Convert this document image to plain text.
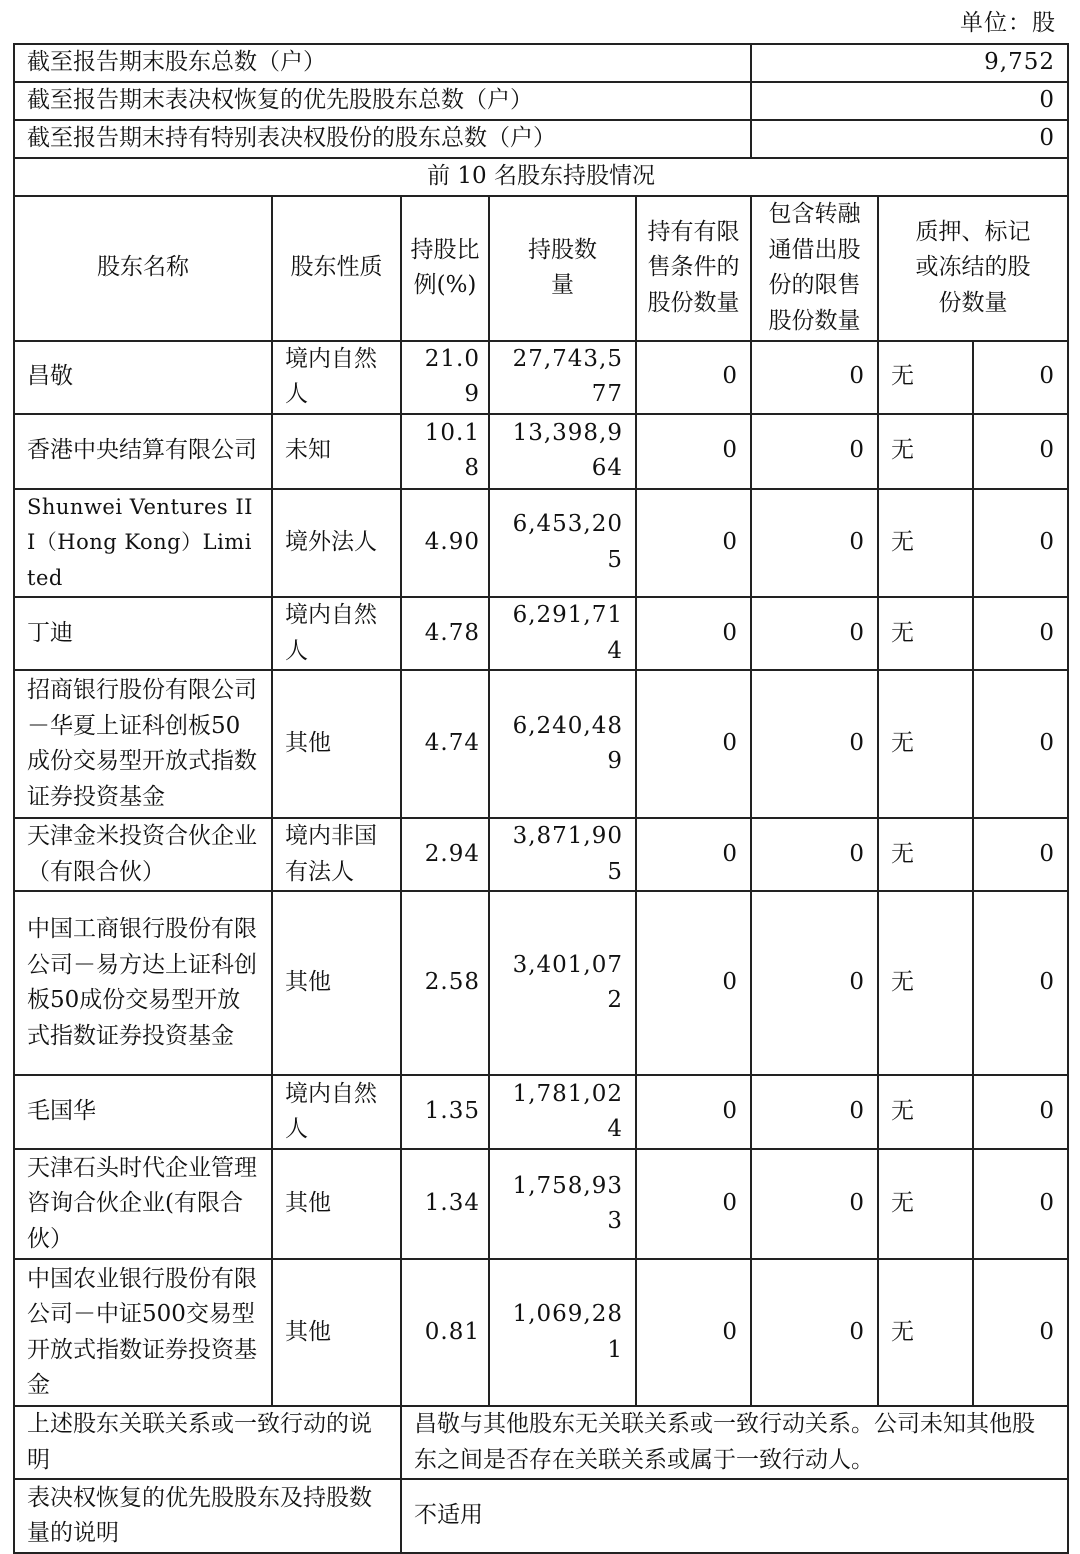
单位：股
截至报告期末股东总数（户）					9,752		
截至报告期末表决权恢复的优先股股东总数（户）					0		
截至报告期末持有特别表决权股份的股东总数（户）					0		
前 10 名股东持股情况							
股东名称	股东性质	持股比例(%)	持股数量	持有有限售条件的股份数量	包含转融通借出股份的限售股份数量	质押、标记或冻结的股份数量	
昌敬	境内自然人	21.09	27,743,577	0	0	无	0
香港中央结算有限公司	未知	10.18	13,398,964	0	0	无	0
Shunwei Ventures III（Hong Kong）Limited	境外法人	4.90	6,453,205	0	0	无	0
丁迪	境内自然人	4.78	6,291,714	0	0	无	0
招商银行股份有限公司－华夏上证科创板50成份交易型开放式指数证券投资基金	其他	4.74	6,240,489	0	0	无	0
天津金米投资合伙企业（有限合伙）	境内非国有法人	2.94	3,871,905	0	0	无	0
中国工商银行股份有限公司－易方达上证科创板50成份交易型开放式指数证券投资基金	其他	2.58	3,401,072	0	0	无	0
毛国华	境内自然人	1.35	1,781,024	0	0	无	0
天津石头时代企业管理咨询合伙企业(有限合伙）	其他	1.34	1,758,933	0	0	无	0
中国农业银行股份有限公司－中证500交易型开放式指数证券投资基金	其他	0.81	1,069,281	0	0	无	0
上述股东关联关系或一致行动的说明		昌敬与其他股东无关联关系或一致行动关系。公司未知其他股东之间是否存在关联关系或属于一致行动人。					
表决权恢复的优先股股东及持股数量的说明		不适用					
